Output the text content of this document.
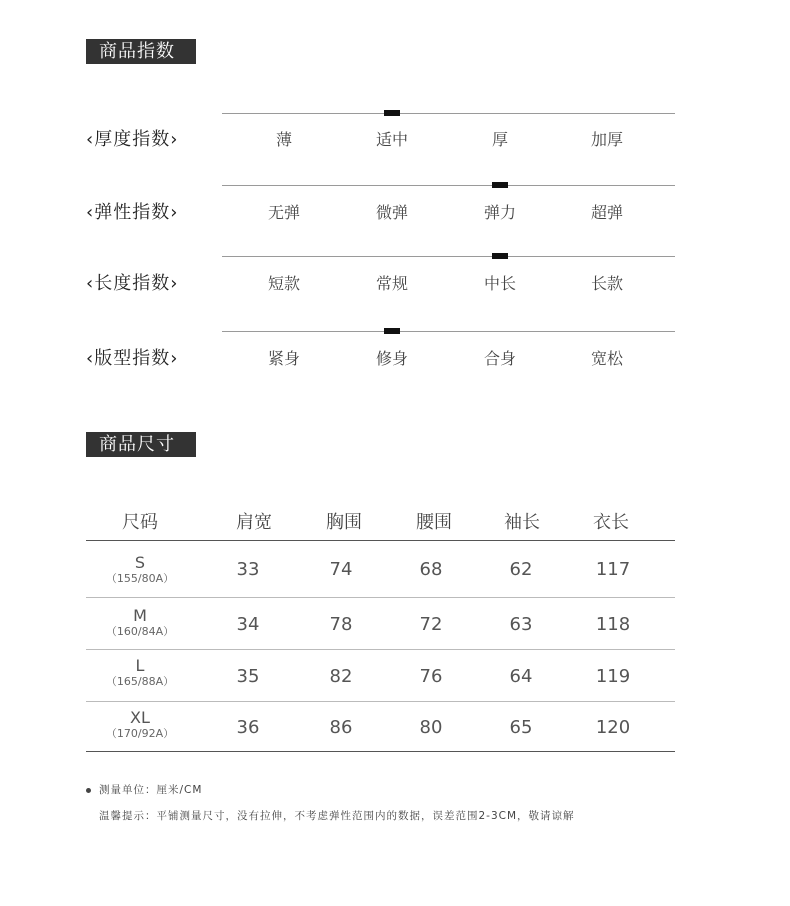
商品指数
‹厚度指数›	薄	适中	厚	加厚
‹弹性指数›	无弹	微弹	弹力	超弹
‹长度指数›	短款	常规	中长	长款
‹版型指数›	紧身	修身	合身	宽松
商品尺寸
尺码	肩宽	胸围	腰围	袖长	衣长
S
（155/80A）	33	74	68	62	117
M
（160/84A）	34	78	72	63	118
L
（165/88A）	35	82	76	64	119
XL
（170/92A）	36	86	80	65	120
测量单位：厘米/CM
温馨提示：平铺测量尺寸，没有拉伸，不考虑弹性范围内的数据，误差范围2-3CM，敬请谅解
